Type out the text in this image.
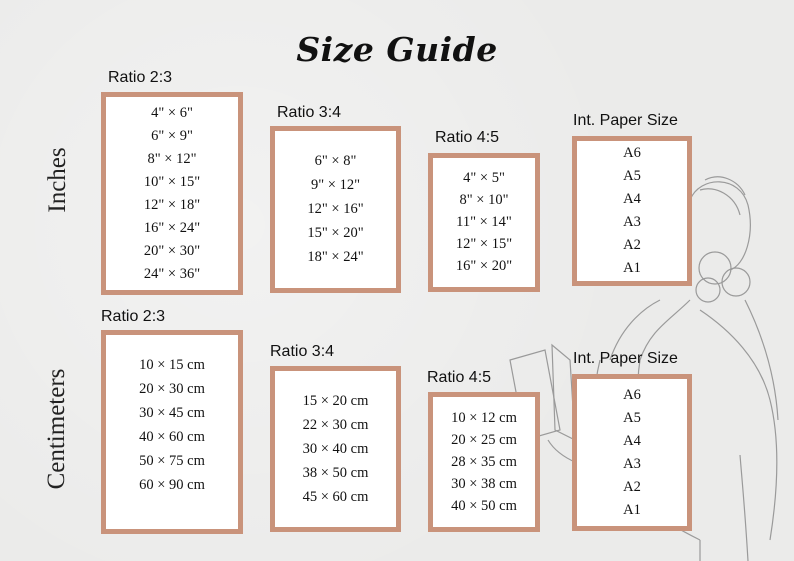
Size Guide
Inches
Centimeters
Ratio 2:3
4" × 6"
6" × 9"
8" × 12"
10" × 15"
12" × 18"
16" × 24"
20" × 30"
24" × 36"
Ratio 3:4
6" × 8"
9" × 12"
12" × 16"
15" × 20"
18" × 24"
Ratio 4:5
4" × 5"
8" × 10"
11" × 14"
12" × 15"
16" × 20"
Int. Paper Size
A6
A5
A4
A3
A2
A1
Ratio 2:3
10 × 15 cm
20 × 30 cm
30 × 45 cm
40 × 60 cm
50 × 75 cm
60 × 90 cm
Ratio 3:4
15 × 20 cm
22 × 30 cm
30 × 40 cm
38 × 50 cm
45 × 60 cm
Ratio 4:5
10 × 12 cm
20 × 25 cm
28 × 35 cm
30 × 38 cm
40 × 50 cm
Int. Paper Size
A6
A5
A4
A3
A2
A1
